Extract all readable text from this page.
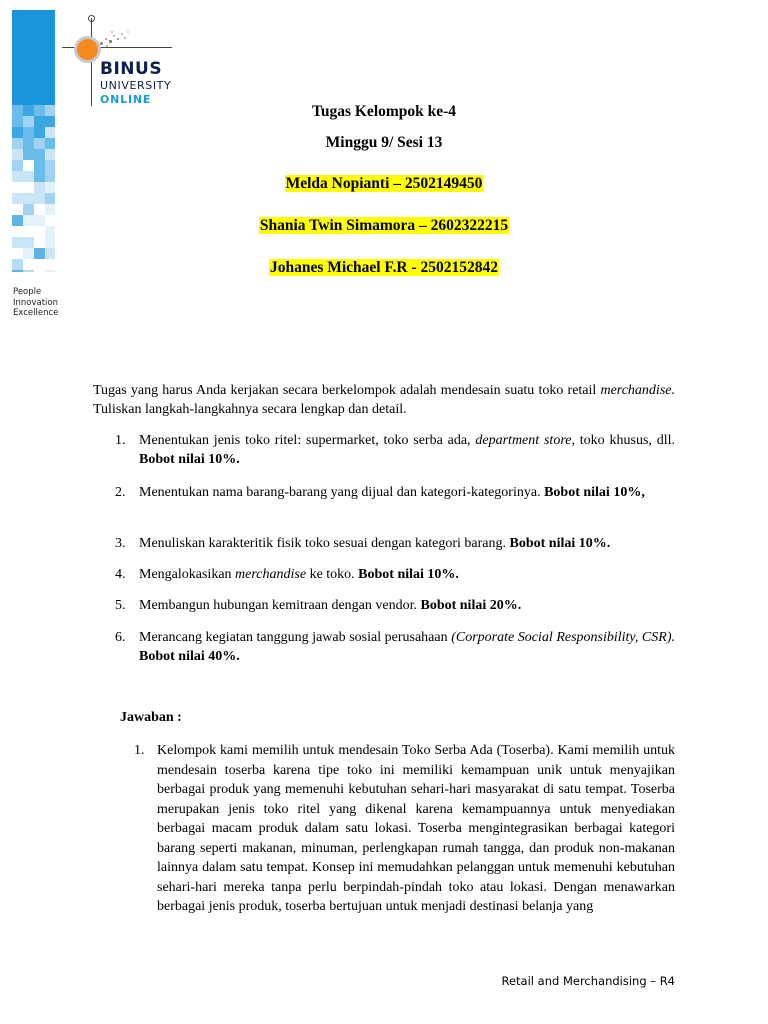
People
Innovation
Excellence
BINUS
UNIVERSITY
ONLINE
Tugas Kelompok ke-4
Minggu 9/ Sesi 13
Melda Nopianti – 2502149450
Shania Twin Simamora – 2602322215
Johanes Michael F.R - 2502152842

Tugas yang harus Anda kerjakan secara berkelompok adalah mendesain suatu toko retail merchandise. Tuliskan langkah-langkahnya secara lengkap dan detail.

1. Menentukan jenis toko ritel: supermarket, toko serba ada, department store, toko khusus, dll. Bobot nilai 10%.
2. Menentukan nama barang-barang yang dijual dan kategori-kategorinya. Bobot nilai 10%,
3. Menuliskan karakteritik fisik toko sesuai dengan kategori barang. Bobot nilai 10%.
4. Mengalokasikan merchandise ke toko. Bobot nilai 10%.
5. Membangun hubungan kemitraan dengan vendor. Bobot nilai 20%.
6. Merancang kegiatan tanggung jawab sosial perusahaan (Corporate Social Responsibility, CSR). Bobot nilai 40%.
Jawaban :
1. Kelompok kami memilih untuk mendesain Toko Serba Ada (Toserba). Kami memilih untuk mendesain toserba karena tipe toko ini memiliki kemampuan unik untuk menyajikan berbagai produk yang memenuhi kebutuhan sehari-hari masyarakat di satu tempat. Toserba merupakan jenis toko ritel yang dikenal karena kemampuannya untuk menyediakan berbagai macam produk dalam satu lokasi. Toserba mengintegrasikan berbagai kategori barang seperti makanan, minuman, perlengkapan rumah tangga, dan produk non-makanan lainnya dalam satu tempat. Konsep ini memudahkan pelanggan untuk memenuhi kebutuhan sehari-hari mereka tanpa perlu berpindah-pindah toko atau lokasi. Dengan menawarkan berbagai jenis produk, toserba bertujuan untuk menjadi destinasi belanja yang
Retail and Merchandising – R4
